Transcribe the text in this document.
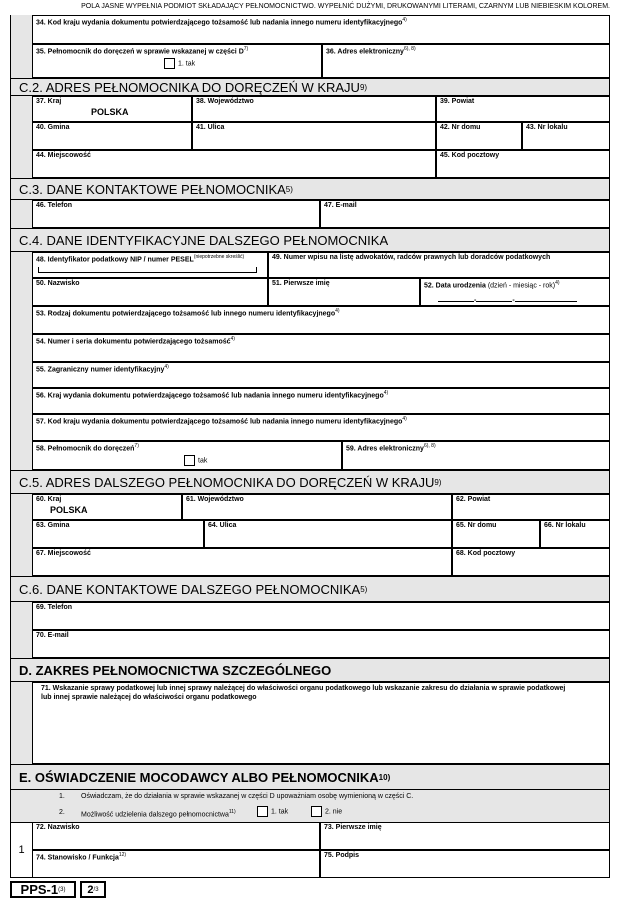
POLA JASNE WYPEŁNIA PODMIOT SKŁADAJĄCY PEŁNOMOCNICTWO. WYPEŁNIĆ DUŻYMI, DRUKOWANYMI LITERAMI, CZARNYM LUB NIEBIESKIM KOLOREM.
34. Kod kraju wydania dokumentu potwierdzającego tożsamość lub nadania innego numeru identyfikacyjnego$^{4)}$
35. Pełnomocnik do doręczeń w sprawie wskazanej w części $D^{7)}$
1. tak
36. Adres elektroniczny$^{6), 8)}$
C.2. ADRES PEŁNOMOCNIKA DO DORĘCZEŃ W KRAJU 9)
37. Kraj
POLSKA
38. Województwo	39. Powiat
40. Gmina	41. Ulica	42. Nr domu	43. Nr lokalu
44. Miejscowość	45. Kod pocztowy
C.3. DANE KONTAKTOWE PEŁNOMOCNIKA 5)
46. Telefon	47. E-mail
C.4. DANE IDENTYFIKACYJNE DALSZEGO PEŁNOMOCNIKA
48. Identyfikator podatkowy NIP / numer $PESEL^{(niepotrzebne skreślić)}$	49. Numer wpisu na listę adwokatów, radców prawnych lub doradców podatkowych
50. Nazwisko	51. Pierwsze imię	52. Data urodzenia (dzień - miesiąc - rok)$^{4)}$
-	-
53. Rodzaj dokumentu potwierdzającego tożsamość lub innego numeru identyfikacyjnego$^{4)}$
54. Numer i seria dokumentu potwierdzającego tożsamość$^{4)}$
55. Zagraniczny numer identyfikacyjny$^{4)}$
56. Kraj wydania dokumentu potwierdzającego tożsamość lub nadania innego numeru identyfikacyjnego$^{4)}$
57. Kod kraju wydania dokumentu potwierdzającego tożsamość lub nadania innego numeru identyfikacyjnego$^{4)}$
58. Pełnomocnik do doręczeń$^{7)}$
tak
59. Adres elektroniczny$^{6), 8)}$
C.5. ADRES DALSZEGO PEŁNOMOCNIKA DO DORĘCZEŃ W KRAJU 9)
60. Kraj
POLSKA
61. Województwo	62. Powiat
63. Gmina	64. Ulica	65. Nr domu	66. Nr lokalu
67. Miejscowość	68. Kod pocztowy
C.6. DANE KONTAKTOWE DALSZEGO PEŁNOMOCNIKA 5)
69. Telefon
70. E-mail
D. ZAKRES PEŁNOMOCNICTWA SZCZEGÓLNEGO
71. Wskazanie sprawy podatkowej lub innej sprawy należącej do właściwości organu podatkowego lub wskazanie zakresu do działania w sprawie podatkowej lub innej sprawie należącej do właściwości organu podatkowego
E. OŚWIADCZENIE MOCODAWCY ALBO PEŁNOMOCNIKA 10)
1. Oświadczam, że do działania w sprawie wskazanej w części D upoważniam osobę wymienioną w części C.
2. Możliwość udzielenia dalszego pełnomocnictwa$^{11)}$	1. tak	2. nie
1
72. Nazwisko	73. Pierwsze imię
74. Stanowisko / Funkcja$^{12)}$	75. Podpis
PPS-1 (3) 2 /3
